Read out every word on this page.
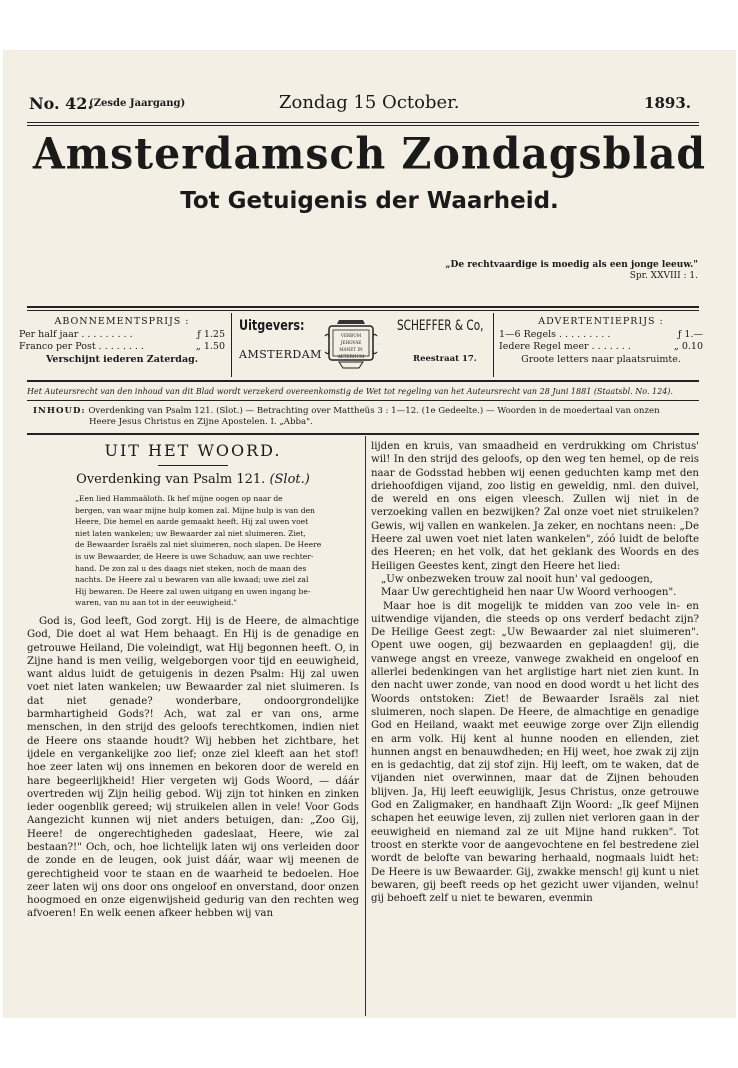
No. 42.
(Zesde Jaargang)	Zondag 15 October.	1893.
Amsterdamsch Zondagsblad
Tot Getuigenis der Waarheid.
„De rechtvaardige is moedig als een jonge leeuw."
Spr. XXVIII : 1.
ABONNEMENTSPRIJS :
Per half jaar . . . . . . . . .	ƒ 1.25
Franco per Post . . . . . . . .	„ 1.50
Verschijnt iederen Zaterdag.
Uitgevers:
AMSTERDAM
VERBUM JEHOVAE
MANET IN
AETERNUM
SCHEFFER & Co,
Reestraat 17.
ADVERTENTIEPRIJS :
1—6 Regels . . . . . . . . .	ƒ 1.—
Iedere Regel meer . . . . . . .	„ 0.10
Groote letters naar plaatsruimte.
Het Auteursrecht van den inhoud van dit Blad wordt verzekerd overeenkomstig de Wet tot regeling van het Auteursrecht van 28 Juni 1881 (Staatsbl. No. 124).
INHOUD: Overdenking van Psalm 121. (Slot.) — Betrachting over Mattheüs 3 : 1—12. (1e Gedeelte.) — Woorden in de moedertaal van onzen
Heere Jesus Christus en Zijne Apostelen. I. „Abba".
UIT HET WOORD.
Overdenking van Psalm 121. (Slot.)
„Een lied Hammaäloth. Ik hef mijne oogen op naar de
bergen, van waar mijne hulp komen zal. Mijne hulp is van den
Heere, Die hemel en aarde gemaakt heeft. Hij zal uwen voet
niet laten wankelen; uw Bewaarder zal niet sluimeren. Ziet,
de Bewaarder Israëls zal niet sluimeren, noch slapen. De Heere
is uw Bewaarder, de Heere is uwe Schaduw, aan uwe rechter-
hand. De zon zal u des daags niet steken, noch de maan des
nachts. De Heere zal u bewaren van alle kwaad; uwe ziel zal
Hij bewaren. De Heere zal uwen uitgang en uwen ingang be-
waren, van nu aan tot in der eeuwigheid."

God is, God leeft, God zorgt. Hij is de Heere, de almachtige God, Die doet al wat Hem behaagt. En Hij is de genadige en getrouwe Heiland, Die voleindigt, wat Hij begonnen heeft. O, in Zijne hand is men veilig, welgeborgen voor tijd en eeuwigheid, want aldus luidt de getuigenis in dezen Psalm: Hij zal uwen voet niet laten wankelen; uw Bewaarder zal niet sluimeren. Is dat niet genade? wonderbare, ondoorgrondelijke barmhartigheid Gods?! Ach, wat zal er van ons, arme menschen, in den strijd des geloofs terechtkomen, indien niet de Heere ons staande houdt? Wij hebben het zichtbare, het ijdele en vergankelijke zoo lief; onze ziel kleeft aan het stof! hoe zeer laten wij ons innemen en bekoren door de wereld en hare begeerlijkheid! Hier vergeten wij Gods Woord, — dáár overtreden wij Zijn heilig gebod. Wij zijn tot hinken en zinken ieder oogenblik gereed; wij struikelen allen in vele! Voor Gods Aangezicht kunnen wij niet anders betuigen, dan: „Zoo Gij, Heere! de ongerechtigheden gadeslaat, Heere, wie zal bestaan?!" Och, och, hoe lichtelijk laten wij ons verleiden door de zonde en de leugen, ook juist dáár, waar wij meenen de gerechtigheid voor te staan en de waarheid te bedoelen. Hoe zeer laten wij ons door ons ongeloof en onverstand, door onzen hoogmoed en onze eigenwijsheid gedurig van den rechten weg afvoeren! En welk eenen afkeer hebben wij van

lijden en kruis, van smaadheid en verdrukking om Christus' wil! In den strijd des geloofs, op den weg ten hemel, op de reis naar de Godsstad hebben wij eenen geduchten kamp met den driehoofdigen vijand, zoo listig en geweldig, nml. den duivel, de wereld en ons eigen vleesch. Zullen wij niet in de verzoeking vallen en bezwijken? Zal onze voet niet struikelen? Gewis, wij vallen en wankelen. Ja zeker, en nochtans neen: „De Heere zal uwen voet niet laten wankelen", zóó luidt de belofte des Heeren; en het volk, dat het geklank des Woords en des Heiligen Geestes kent, zingt den Heere het lied:

„Uw onbezweken trouw zal nooit hun' val gedoogen,

Maar Uw gerechtigheid hen naar Uw Woord verhoogen".

Maar hoe is dit mogelijk te midden van zoo vele in- en uitwendige vijanden, die steeds op ons verderf bedacht zijn? De Heilige Geest zegt: „Uw Bewaarder zal niet sluimeren". Opent uwe oogen, gij bezwaarden en geplaagden! gij, die vanwege angst en vreeze, vanwege zwakheid en ongeloof en allerlei bedenkingen van het arglistige hart niet zien kunt. In den nacht uwer zonde, van nood en dood wordt u het licht des Woords ontstoken: Ziet! de Bewaarder Israëls zal niet sluimeren, noch slapen. De Heere, de almachtige en genadige God en Heiland, waakt met eeuwige zorge over Zijn ellendig en arm volk. Hij kent al hunne nooden en ellenden, ziet hunnen angst en benauwdheden; en Hij weet, hoe zwak zij zijn en is gedachtig, dat zij stof zijn. Hij leeft, om te waken, dat de vijanden niet overwinnen, maar dat de Zijnen behouden blijven. Ja, Hij leeft eeuwiglijk, Jesus Christus, onze getrouwe God en Zaligmaker, en handhaaft Zijn Woord: „Ik geef Mijnen schapen het eeuwige leven, zij zullen niet verloren gaan in der eeuwigheid en niemand zal ze uit Mijne hand rukken". Tot troost en sterkte voor de aangevochtene en fel bestredene ziel wordt de belofte van bewaring herhaald, nogmaals luidt het: De Heere is uw Bewaarder. Gij, zwakke mensch! gij kunt u niet bewaren, gij beeft reeds op het gezicht uwer vijanden, welnu! gij behoeft zelf u niet te bewaren, evenmin
